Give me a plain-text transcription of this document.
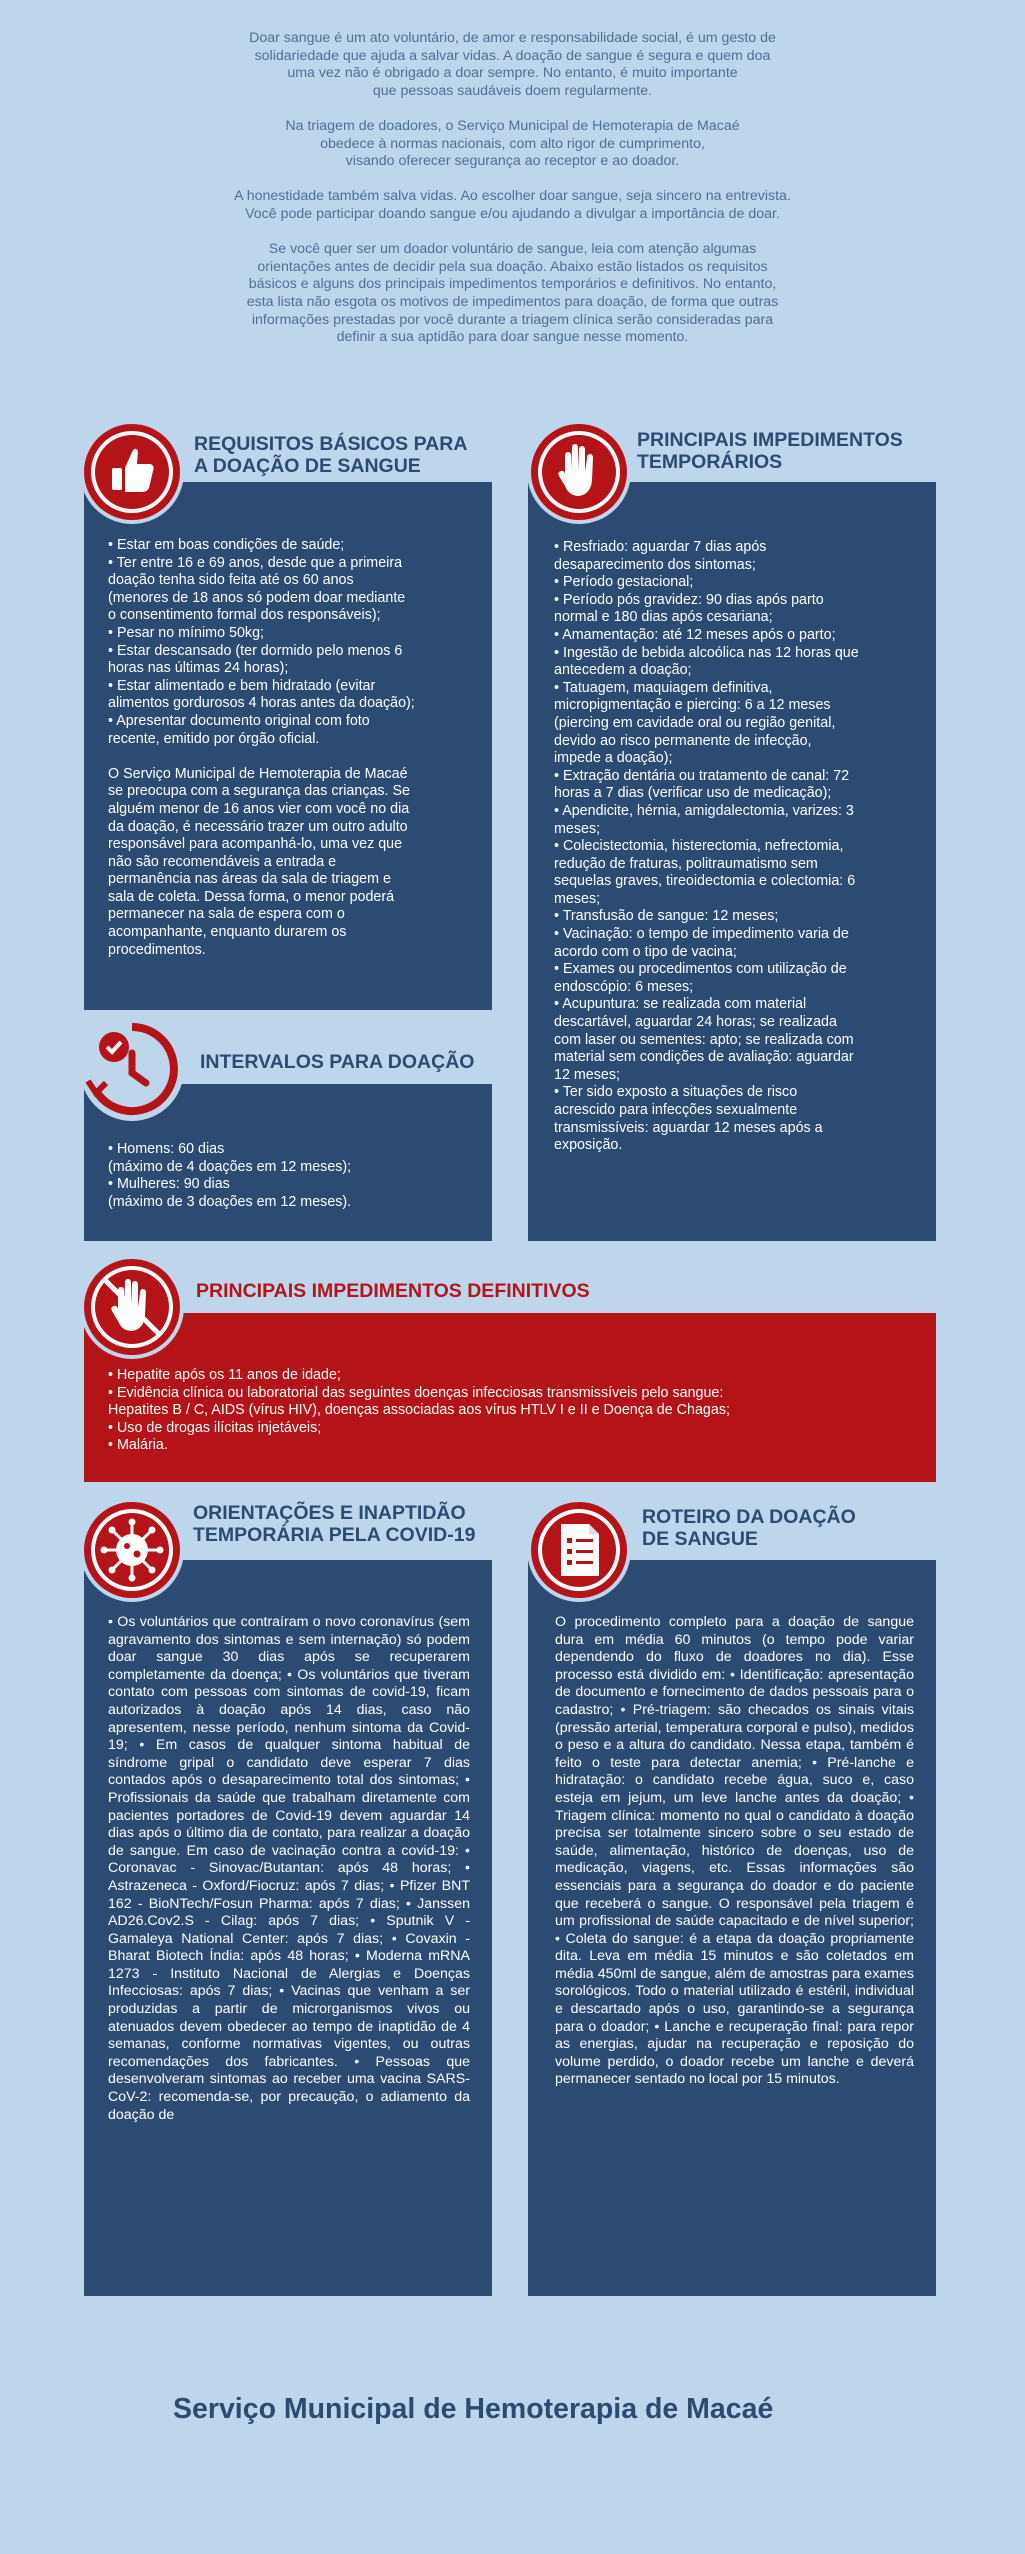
Doar sangue é um ato voluntário, de amor e responsabilidade social, é um gesto de
solidariedade que ajuda a salvar vidas. A doação de sangue é segura e quem doa
uma vez não é obrigado a doar sempre. No entanto, é muito importante
que pessoas saudáveis doem regularmente.

Na triagem de doadores, o Serviço Municipal de Hemoterapia de Macaé
obedece à normas nacionais, com alto rigor de cumprimento,
visando oferecer segurança ao receptor e ao doador.

A honestidade também salva vidas. Ao escolher doar sangue, seja sincero na entrevista.
Você pode participar doando sangue e/ou ajudando a divulgar a importância de doar.

Se você quer ser um doador voluntário de sangue, leia com atenção algumas
orientações antes de decidir pela sua doação. Abaixo estão listados os requisitos
básicos e alguns dos principais impedimentos temporários e definitivos. No entanto,
esta lista não esgota os motivos de impedimentos para doação, de forma que outras
informações prestadas por você durante a triagem clínica serão consideradas para
definir a sua aptidão para doar sangue nesse momento.

• Estar em boas condições de saúde;

• Ter entre 16 e 69 anos, desde que a primeira

doação tenha sido feita até os 60 anos

(menores de 18 anos só podem doar mediante

o consentimento formal dos responsáveis);

• Pesar no mínimo 50kg;

• Estar descansado (ter dormido pelo menos 6

horas nas últimas 24 horas);

• Estar alimentado e bem hidratado (evitar

alimentos gordurosos 4 horas antes da doação);

• Apresentar documento original com foto

recente, emitido por órgão oficial.

O Serviço Municipal de Hemoterapia de Macaé

se preocupa com a segurança das crianças. Se

alguém menor de 16 anos vier com você no dia

da doação, é necessário trazer um outro adulto

responsável para acompanhá-lo, uma vez que

não são recomendáveis a entrada e

permanência nas áreas da sala de triagem e

sala de coleta. Dessa forma, o menor poderá

permanecer na sala de espera com o

acompanhante, enquanto durarem os

procedimentos.

REQUISITOS BÁSICOS PARA
A DOAÇÃO DE SANGUE

• Homens: 60 dias

(máximo de 4 doações em 12 meses);

• Mulheres: 90 dias

(máximo de 3 doações em 12 meses).

INTERVALOS PARA DOAÇÃO

• Resfriado: aguardar 7 dias após

desaparecimento dos sintomas;

• Período gestacional;

• Período pós gravidez: 90 dias após parto

normal e 180 dias após cesariana;

• Amamentação: até 12 meses após o parto;

• Ingestão de bebida alcoólica nas 12 horas que

antecedem a doação;

• Tatuagem, maquiagem definitiva,

micropigmentação e piercing: 6 a 12 meses

(piercing em cavidade oral ou região genital,

devido ao risco permanente de infecção,

impede a doação);

• Extração dentária ou tratamento de canal: 72

horas a 7 dias (verificar uso de medicação);

• Apendicite, hérnia, amigdalectomia, varizes: 3

meses;

• Colecistectomia, histerectomia, nefrectomia,

redução de fraturas, politraumatismo sem

sequelas graves, tireoidectomia e colectomia: 6

meses;

• Transfusão de sangue: 12 meses;

• Vacinação: o tempo de impedimento varia de

acordo com o tipo de vacina;

• Exames ou procedimentos com utilização de

endoscópio: 6 meses;

• Acupuntura: se realizada com material

descartável, aguardar 24 horas; se realizada

com laser ou sementes: apto; se realizada com

material sem condições de avaliação: aguardar

12 meses;

• Ter sido exposto a situações de risco

acrescido para infecções sexualmente

transmissíveis: aguardar 12 meses após a

exposição.

PRINCIPAIS IMPEDIMENTOS
TEMPORÁRIOS

• Hepatite após os 11 anos de idade;

• Evidência clínica ou laboratorial das seguintes doenças infecciosas transmissíveis pelo sangue:

Hepatites B / C, AIDS (vírus HIV), doenças associadas aos vírus HTLV I e II e Doença de Chagas;

• Uso de drogas ilícitas injetáveis;

• Malária.

PRINCIPAIS IMPEDIMENTOS DEFINITIVOS

• Os voluntários que contraíram o novo coronavírus (sem agravamento dos sintomas e sem internação) só podem doar sangue 30 dias após se recuperarem completamente da doença; • Os voluntários que tiveram contato com pessoas com sintomas de covid-19, ficam autorizados à doação após 14 dias, caso não apresentem, nesse período, nenhum sintoma da Covid-19; • Em casos de qualquer sintoma habitual de síndrome gripal o candidato deve esperar 7 dias contados após o desaparecimento total dos sintomas; • Profissionais da saúde que trabalham diretamente com pacientes portadores de Covid-19 devem aguardar 14 dias após o último dia de contato, para realizar a doação de sangue. Em caso de vacinação contra a covid-19: • Coronavac - Sinovac/Butantan: após 48 horas; • Astrazeneca - Oxford/Fiocruz: após 7 dias; • Pfizer BNT 162 - BioNTech/Fosun Pharma: após 7 dias; • Janssen AD26.Cov2.S - Cilag: após 7 dias; • Sputnik V - Gamaleya National Center: após 7 dias; • Covaxin - Bharat Biotech Índia: após 48 horas; • Moderna mRNA 1273 - Instituto Nacional de Alergias e Doenças Infecciosas: após 7 dias; • Vacinas que venham a ser produzidas a partir de microrganismos vivos ou atenuados devem obedecer ao tempo de inaptidão de 4 semanas, conforme normativas vigentes, ou outras recomendações dos fabricantes. • Pessoas que desenvolveram sintomas ao receber uma vacina SARS-CoV-2: recomenda-se, por precaução, o adiamento da doação de

ORIENTAÇÕES E INAPTIDÃO
TEMPORÁRIA PELA COVID-19

O procedimento completo para a doação de sangue dura em média 60 minutos (o tempo pode variar dependendo do fluxo de doadores no dia). Esse processo está dividido em: • Identificação: apresentação de documento e fornecimento de dados pessoais para o cadastro; • Pré-triagem: são checados os sinais vitais (pressão arterial, temperatura corporal e pulso), medidos o peso e a altura do candidato. Nessa etapa, também é feito o teste para detectar anemia; • Pré-lanche e hidratação: o candidato recebe água, suco e, caso esteja em jejum, um leve lanche antes da doação; • Triagem clínica: momento no qual o candidato à doação precisa ser totalmente sincero sobre o seu estado de saúde, alimentação, histórico de doenças, uso de medicação, viagens, etc. Essas informações são essenciais para a segurança do doador e do paciente que receberá o sangue. O responsável pela triagem é um profissional de saúde capacitado e de nível superior; • Coleta do sangue: é a etapa da doação propriamente dita. Leva em média 15 minutos e são coletados em média 450ml de sangue, além de amostras para exames sorológicos. Todo o material utilizado é estéril, individual e descartado após o uso, garantindo-se a segurança para o doador; • Lanche e recuperação final: para repor as energias, ajudar na recuperação e reposição do volume perdido, o doador recebe um lanche e deverá permanecer sentado no local por 15 minutos.

ROTEIRO DA DOAÇÃO
DE SANGUE
Serviço Municipal de Hemoterapia de Macaé
